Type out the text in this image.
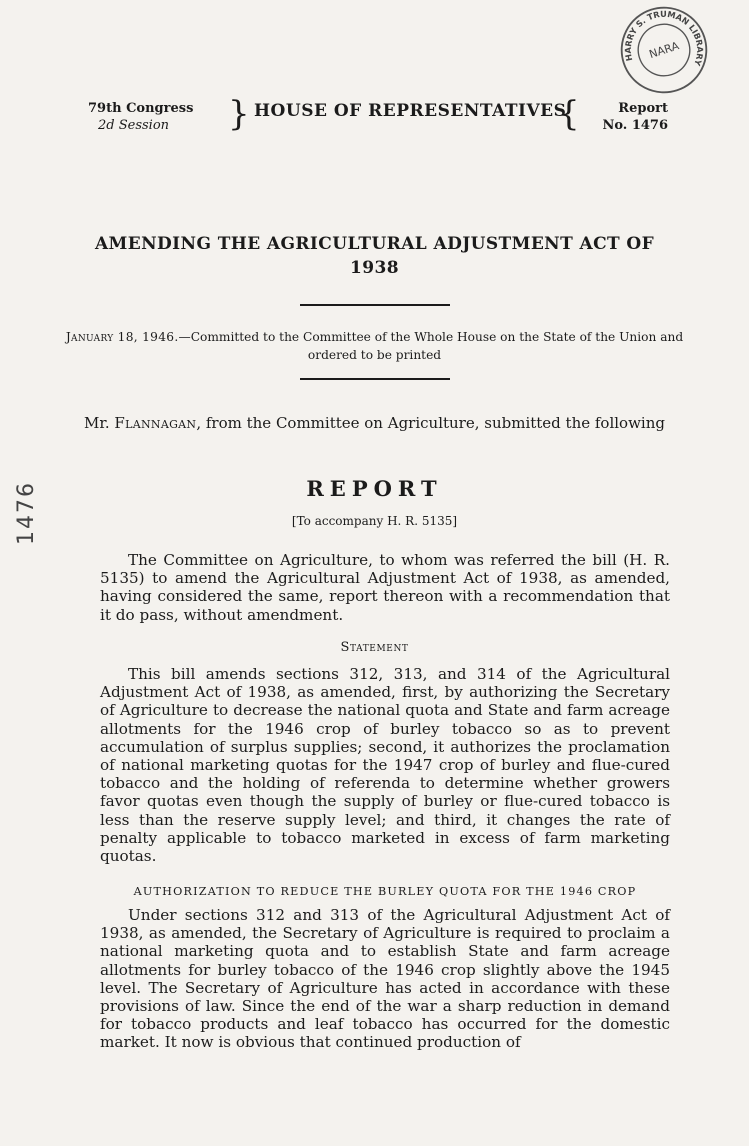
HARRY S. TRUMAN LIBRARY
NARA
1476
79th Congress
2d Session	} HOUSE OF REPRESENTATIVES
{	Report
No. 1476
AMENDING THE AGRICULTURAL ADJUSTMENT ACT OF
1938
January 18, 1946.—Committed to the Committee of the Whole House on the State of the Union and ordered to be printed
Mr. Flannagan, from the Committee on Agriculture, submitted the following
REPORT
[To accompany H. R. 5135]
The Committee on Agriculture, to whom was referred the bill (H. R. 5135) to amend the Agricultural Adjustment Act of 1938, as amended, having considered the same, report thereon with a recommendation that it do pass, without amendment.
Statement
This bill amends sections 312, 313, and 314 of the Agricultural Adjustment Act of 1938, as amended, first, by authorizing the Secretary of Agriculture to decrease the national quota and State and farm acreage allotments for the 1946 crop of burley tobacco so as to prevent accumulation of surplus supplies; second, it authorizes the proclamation of national marketing quotas for the 1947 crop of burley and flue-cured tobacco and the holding of referenda to determine whether growers favor quotas even though the supply of burley or flue-cured tobacco is less than the reserve supply level; and third, it changes the rate of penalty applicable to tobacco marketed in excess of farm marketing quotas.
AUTHORIZATION TO REDUCE THE BURLEY QUOTA FOR THE 1946 CROP
Under sections 312 and 313 of the Agricultural Adjustment Act of 1938, as amended, the Secretary of Agriculture is required to proclaim a national marketing quota and to establish State and farm acreage allotments for burley tobacco of the 1946 crop slightly above the 1945 level. The Secretary of Agriculture has acted in accordance with these provisions of law. Since the end of the war a sharp reduction in demand for tobacco products and leaf tobacco has occurred for the domestic market. It now is obvious that continued production of
